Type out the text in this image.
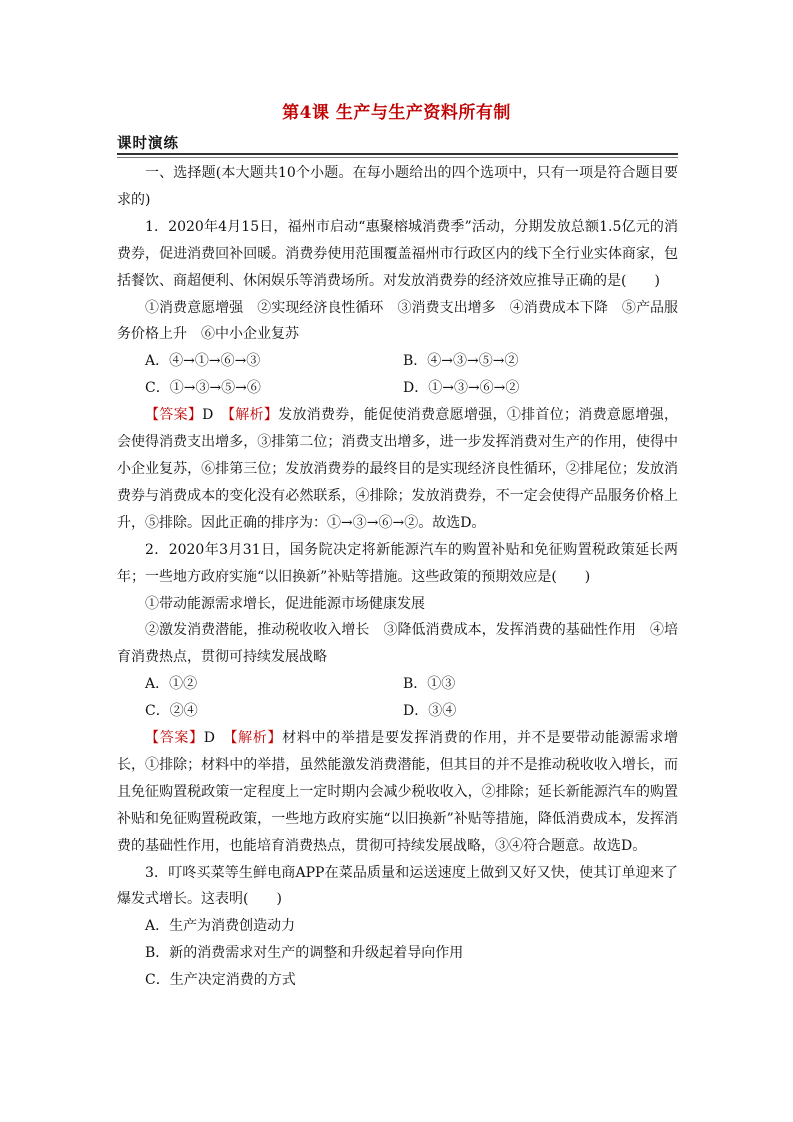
第4课 生产与生产资料所有制
课时演练

一、选择题(本大题共10个小题。在每小题给出的四个选项中，只有一项是符合题目要求的)

1．2020年4月15日，福州市启动“惠聚榕城消费季”活动，分期发放总额1.5亿元的消费券，促进消费回补回暖。消费券使用范围覆盖福州市行政区内的线下全行业实体商家，包括餐饮、商超便利、休闲娱乐等消费场所。对发放消费券的经济效应推导正确的是(　　)

①消费意愿增强　②实现经济良性循环　③消费支出增多　④消费成本下降　⑤产品服务价格上升　⑥中小企业复苏

A．④→①→⑥→③	B．④→③→⑤→②
C．①→③→⑤→⑥	D．①→③→⑥→②

【答案】D　 【解析】发放消费券，能促使消费意愿增强，①排首位；消费意愿增强，会使得消费支出增多，③排第二位；消费支出增多，进一步发挥消费对生产的作用，使得中小企业复苏，⑥排第三位；发放消费券的最终目的是实现经济良性循环，②排尾位；发放消费券与消费成本的变化没有必然联系，④排除；发放消费券，不一定会使得产品服务价格上升，⑤排除。因此正确的排序为：①→③→⑥→②。故选D。

2．2020年3月31日，国务院决定将新能源汽车的购置补贴和免征购置税政策延长两年；一些地方政府实施“以旧换新”补贴等措施。这些政策的预期效应是(　　)

①带动能源需求增长，促进能源市场健康发展

②激发消费潜能，推动税收收入增长　③降低消费成本，发挥消费的基础性作用　④培育消费热点，贯彻可持续发展战略

A．①②	B．①③
C．②④	D．③④

【答案】D　 【解析】材料中的举措是要发挥消费的作用，并不是要带动能源需求增长，①排除；材料中的举措，虽然能激发消费潜能，但其目的并不是推动税收收入增长，而且免征购置税政策一定程度上一定时期内会减少税收收入，②排除；延长新能源汽车的购置补贴和免征购置税政策，一些地方政府实施“以旧换新”补贴等措施，降低消费成本，发挥消费的基础性作用，也能培育消费热点，贯彻可持续发展战略，③④符合题意。故选D。

3．叮咚买菜等生鲜电商APP在菜品质量和运送速度上做到又好又快，使其订单迎来了爆发式增长。这表明(　　)

A．生产为消费创造动力

B．新的消费需求对生产的调整和升级起着导向作用

C．生产决定消费的方式
